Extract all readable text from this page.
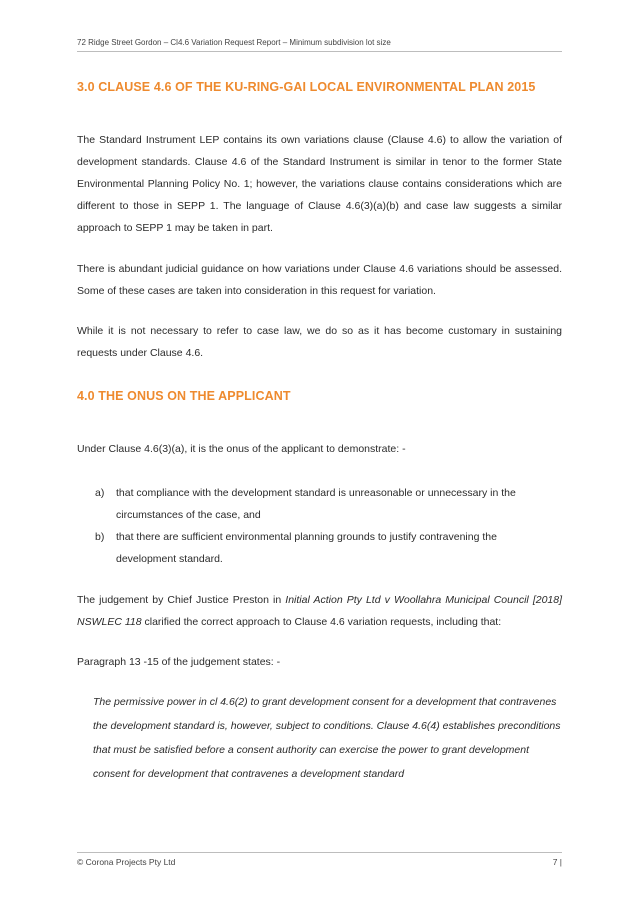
72 Ridge Street Gordon – Cl4.6 Variation Request Report – Minimum subdivision lot size
3.0 CLAUSE 4.6 OF THE KU-RING-GAI LOCAL ENVIRONMENTAL PLAN 2015

The Standard Instrument LEP contains its own variations clause (Clause 4.6) to allow the variation of development standards. Clause 4.6 of the Standard Instrument is similar in tenor to the former State Environmental Planning Policy No. 1; however, the variations clause contains considerations which are different to those in SEPP 1. The language of Clause 4.6(3)(a)(b) and case law suggests a similar approach to SEPP 1 may be taken in part.

There is abundant judicial guidance on how variations under Clause 4.6 variations should be assessed. Some of these cases are taken into consideration in this request for variation.

While it is not necessary to refer to case law, we do so as it has become customary in sustaining requests under Clause 4.6.

4.0 THE ONUS ON THE APPLICANT

Under Clause 4.6(3)(a), it is the onus of the applicant to demonstrate: -

a) that compliance with the development standard is unreasonable or unnecessary in the circumstances of the case, and
b) that there are sufficient environmental planning grounds to justify contravening the development standard.

The judgement by Chief Justice Preston in Initial Action Pty Ltd v Woollahra Municipal Council [2018] NSWLEC 118 clarified the correct approach to Clause 4.6 variation requests, including that:

Paragraph 13 -15 of the judgement states: -

The permissive power in cl 4.6(2) to grant development consent for a development that contravenes the development standard is, however, subject to conditions. Clause 4.6(4) establishes preconditions that must be satisfied before a consent authority can exercise the power to grant development consent for development that contravenes a development standard

© Corona Projects Pty Ltd	7 |
